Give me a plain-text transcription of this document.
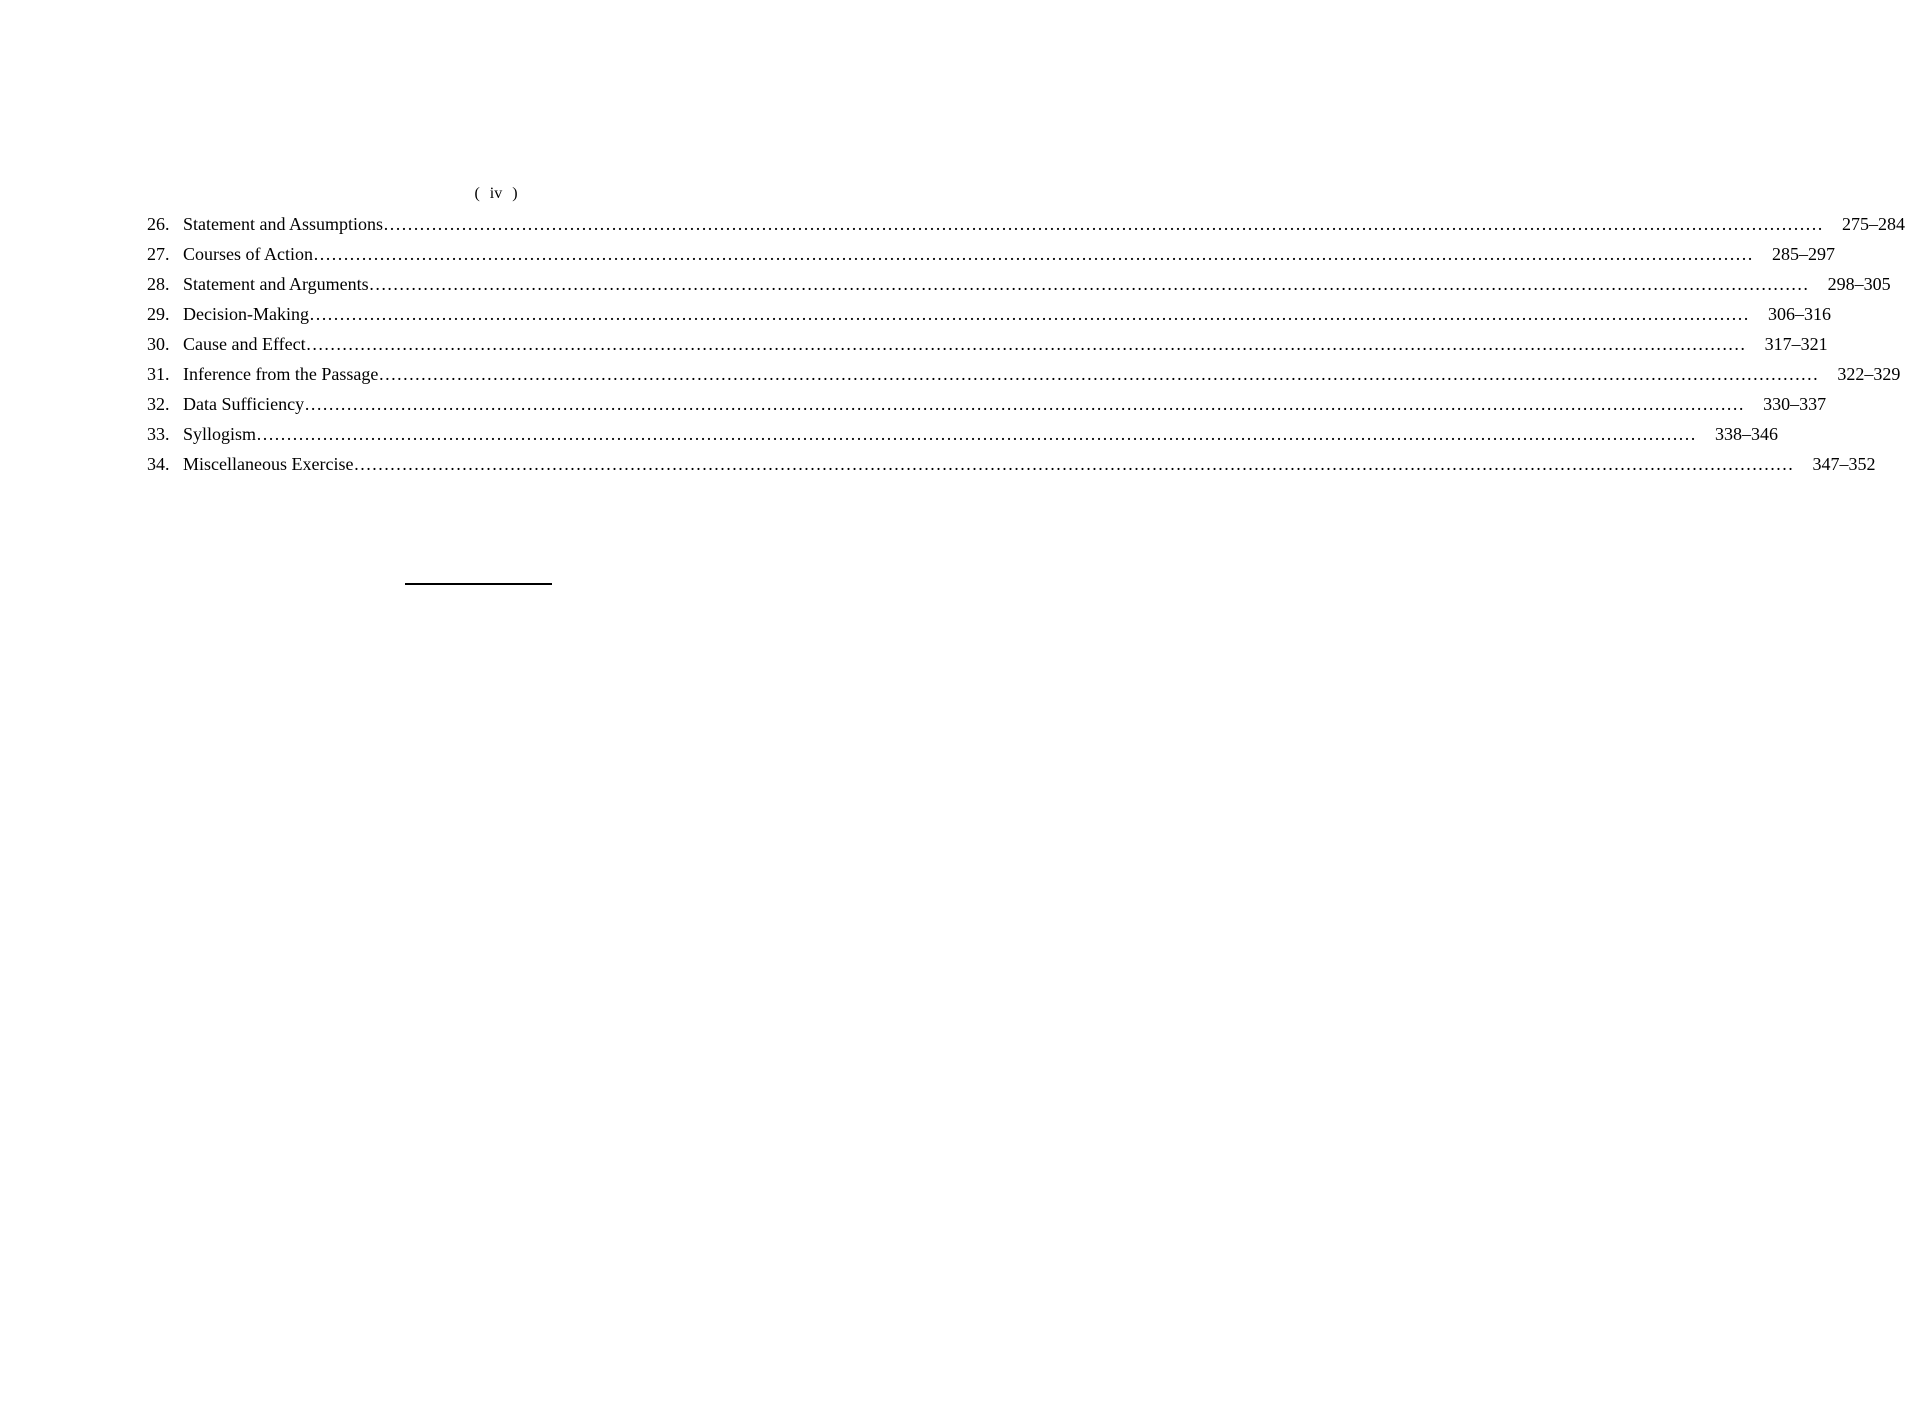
( iv )
26. Statement and Assumptions ……………………………………………………………………………………………………………………………………………………………………………………………………………………	275–284
27. Courses of Action ……………………………………………………………………………………………………………………………………………………………………………………………………………………	285–297
28. Statement and Arguments ……………………………………………………………………………………………………………………………………………………………………………………………………………………	298–305
29. Decision-Making ……………………………………………………………………………………………………………………………………………………………………………………………………………………	306–316
30. Cause and Effect ……………………………………………………………………………………………………………………………………………………………………………………………………………………	317–321
31. Inference from the Passage ……………………………………………………………………………………………………………………………………………………………………………………………………………………	322–329
32. Data Sufficiency ……………………………………………………………………………………………………………………………………………………………………………………………………………………	330–337
33. Syllogism ……………………………………………………………………………………………………………………………………………………………………………………………………………………	338–346
34. Miscellaneous Exercise ……………………………………………………………………………………………………………………………………………………………………………………………………………………	347–352
